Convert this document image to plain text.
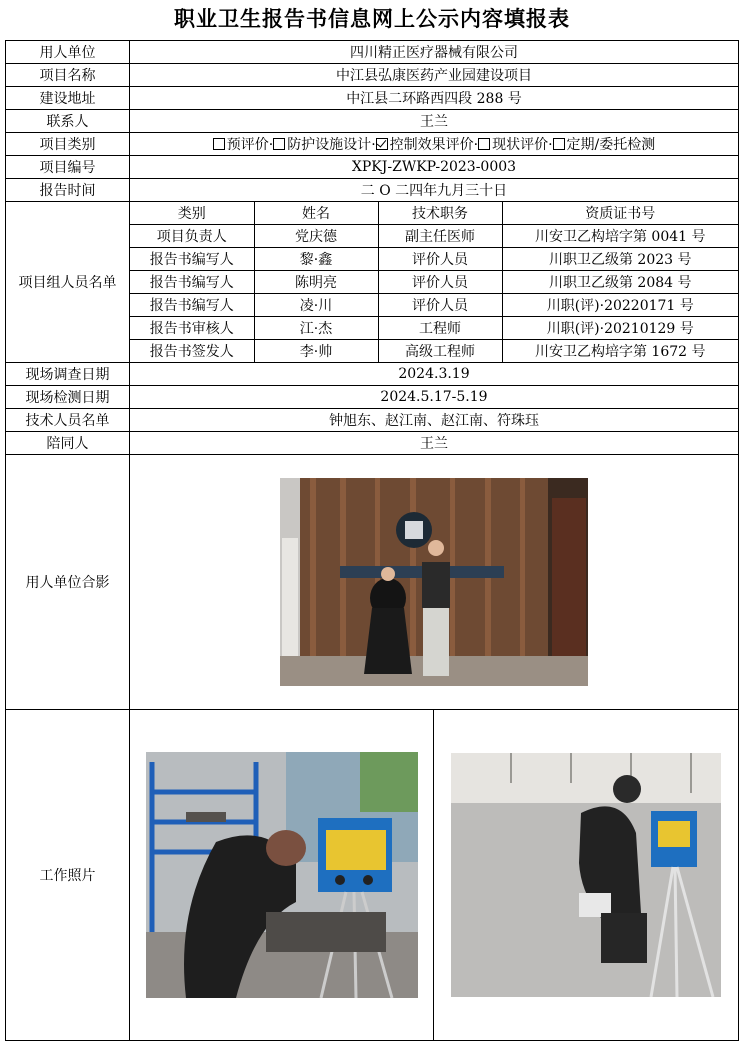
职业卫生报告书信息网上公示内容填报表
用人单位	四川精正医疗器械有限公司
项目名称	中江县弘康医药产业园建设项目
建设地址	中江县二环路西四段 288 号
联系人	王兰
项目类别	预评价· 防护设施设计· 控制效果评价· 现状评价· 定期/委托检测
项目编号	XPKJ-ZWKP-2023-0003
报告时间	二 O 二四年九月三十日
项目组人员名单	
类别	姓名	技术职务	资质证书号
项目负责人	党庆德	副主任医师	川安卫乙构培字第 0041 号
报告书编写人	黎·鑫	评价人员	川职卫乙级第 2023 号
报告书编写人	陈明亮	评价人员	川职卫乙级第 2084 号
报告书编写人	凌·川	评价人员	川职(评)·20220171 号
报告书审核人	江·杰	工程师	川职(评)·20210129 号
报告书签发人	李·帅	高级工程师	川安卫乙构培字第 1672 号

现场调查日期	2024.3.19
现场检测日期	2024.5.17-5.19
技术人员名单	钟旭东、赵江南、赵江南、符珠珏
陪同人	王兰
用人单位合影	

工作照片	
